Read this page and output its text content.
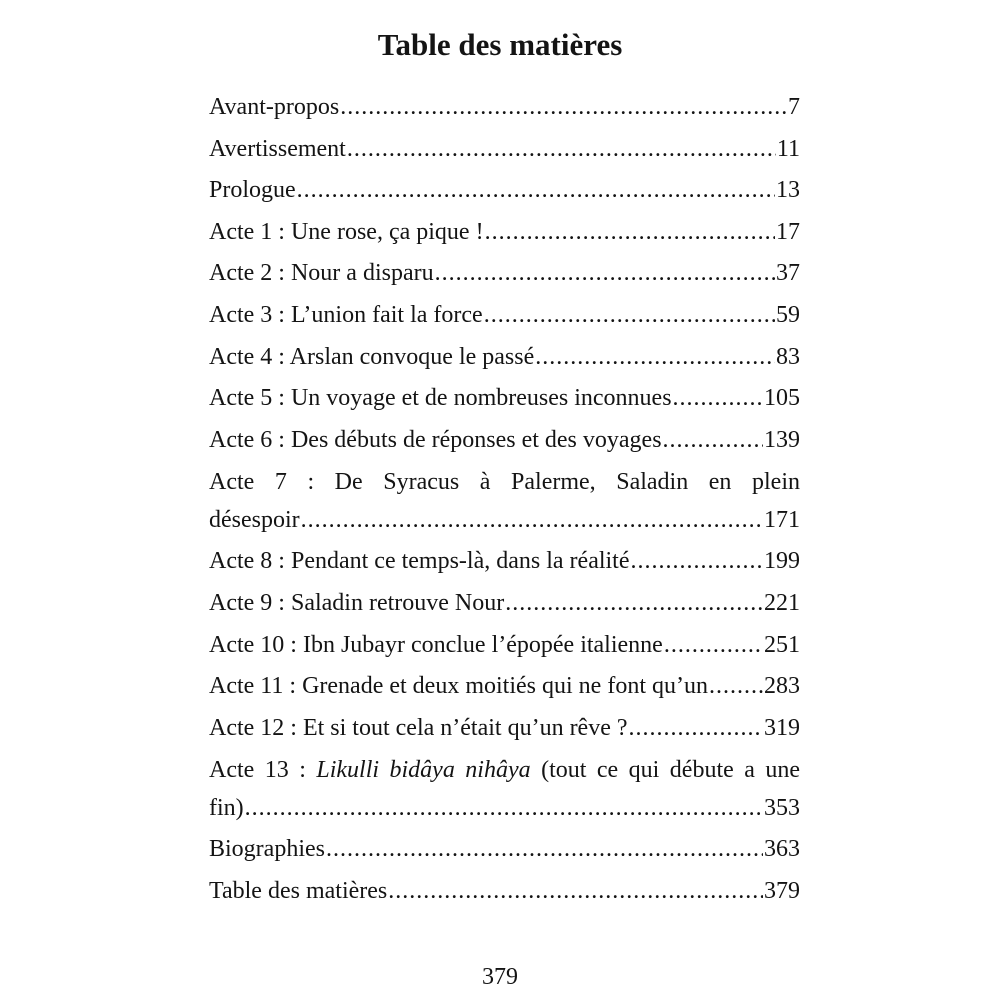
Table des matières
Avant-propos .....	7
Avertissement .....	11
Prologue .....	13
Acte 1 : Une rose, ça pique ! .....	17
Acte 2 : Nour a disparu .....	37
Acte 3 : L’union fait la force .....	59
Acte 4 : Arslan convoque le passé .....	83
Acte 5 : Un voyage et de nombreuses inconnues .....	105
Acte 6 : Des débuts de réponses et des voyages .....	139
Acte 7 : De Syracus à Palerme, Saladin en plein
désespoir .....	171
Acte 8 : Pendant ce temps-là, dans la réalité .....	199
Acte 9 : Saladin retrouve Nour .....	221
Acte 10 : Ibn Jubayr conclue l’épopée italienne .....	251
Acte 11 : Grenade et deux moitiés qui ne font qu’un ..... 283
Acte 12 : Et si tout cela n’était qu’un rêve ? .....	319
Acte 13 : Likulli bidâya nihâya (tout ce qui débute a une
fin) .....	353
Biographies .....	363
Table des matières .....	379
379
